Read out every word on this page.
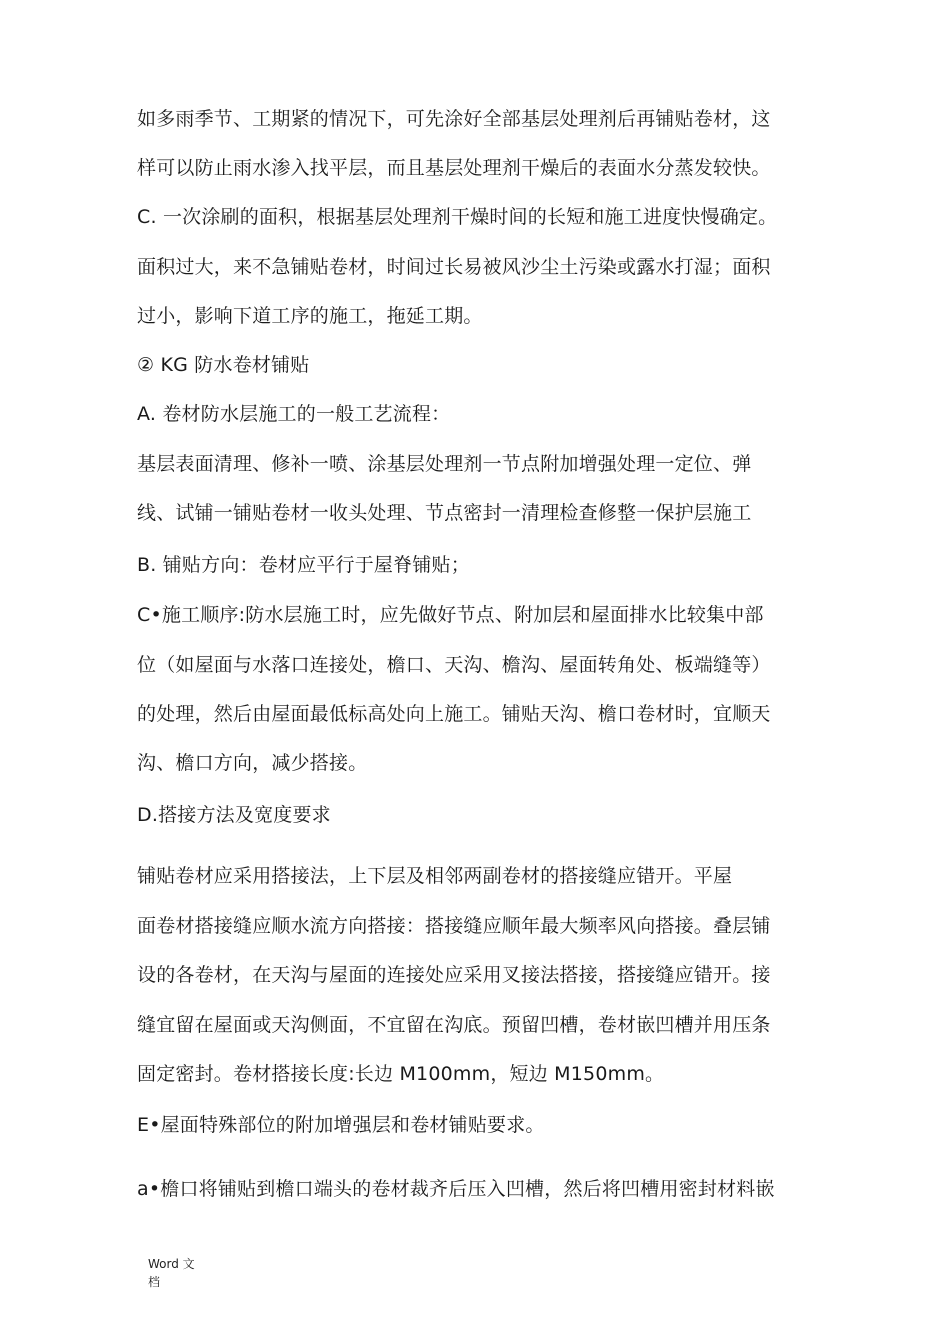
如多雨季节、工期紧的情况下，可先涂好全部基层处理剂后再铺贴卷材，这
样可以防止雨水渗入找平层，而且基层处理剂干燥后的表面水分蒸发较快。
C. 一次涂刷的面积，根据基层处理剂干燥时间的长短和施工进度快慢确定。
面积过大，来不急铺贴卷材，时间过长易被风沙尘土污染或露水打湿；面积
过小，影响下道工序的施工，拖延工期。
② KG 防水卷材铺贴
A. 卷材防水层施工的一般工艺流程：
基层表面清理、修补一喷、涂基层处理剂一节点附加增强处理一定位、弹
线、试铺一铺贴卷材一收头处理、节点密封一清理检查修整一保护层施工
B. 铺贴方向：卷材应平行于屋脊铺贴；
C•施工顺序:防水层施工时，应先做好节点、附加层和屋面排水比较集中部
位（如屋面与水落口连接处，檐口、天沟、檐沟、屋面转角处、板端缝等）
的处理，然后由屋面最低标高处向上施工。铺贴天沟、檐口卷材时，宜顺天
沟、檐口方向，减少搭接。
D.搭接方法及宽度要求
铺贴卷材应采用搭接法，上下层及相邻两副卷材的搭接缝应错开。平屋
面卷材搭接缝应顺水流方向搭接：搭接缝应顺年最大频率风向搭接。叠层铺
设的各卷材，在天沟与屋面的连接处应采用叉接法搭接，搭接缝应错开。接
缝宜留在屋面或天沟侧面，不宜留在沟底。预留凹槽，卷材嵌凹槽并用压条
固定密封。卷材搭接长度:长边 M100mm，短边 M150mm。
E•屋面特殊部位的附加增强层和卷材铺贴要求。
a•檐口将铺贴到檐口端头的卷材裁齐后压入凹槽，然后将凹槽用密封材料嵌
Word 文
档
